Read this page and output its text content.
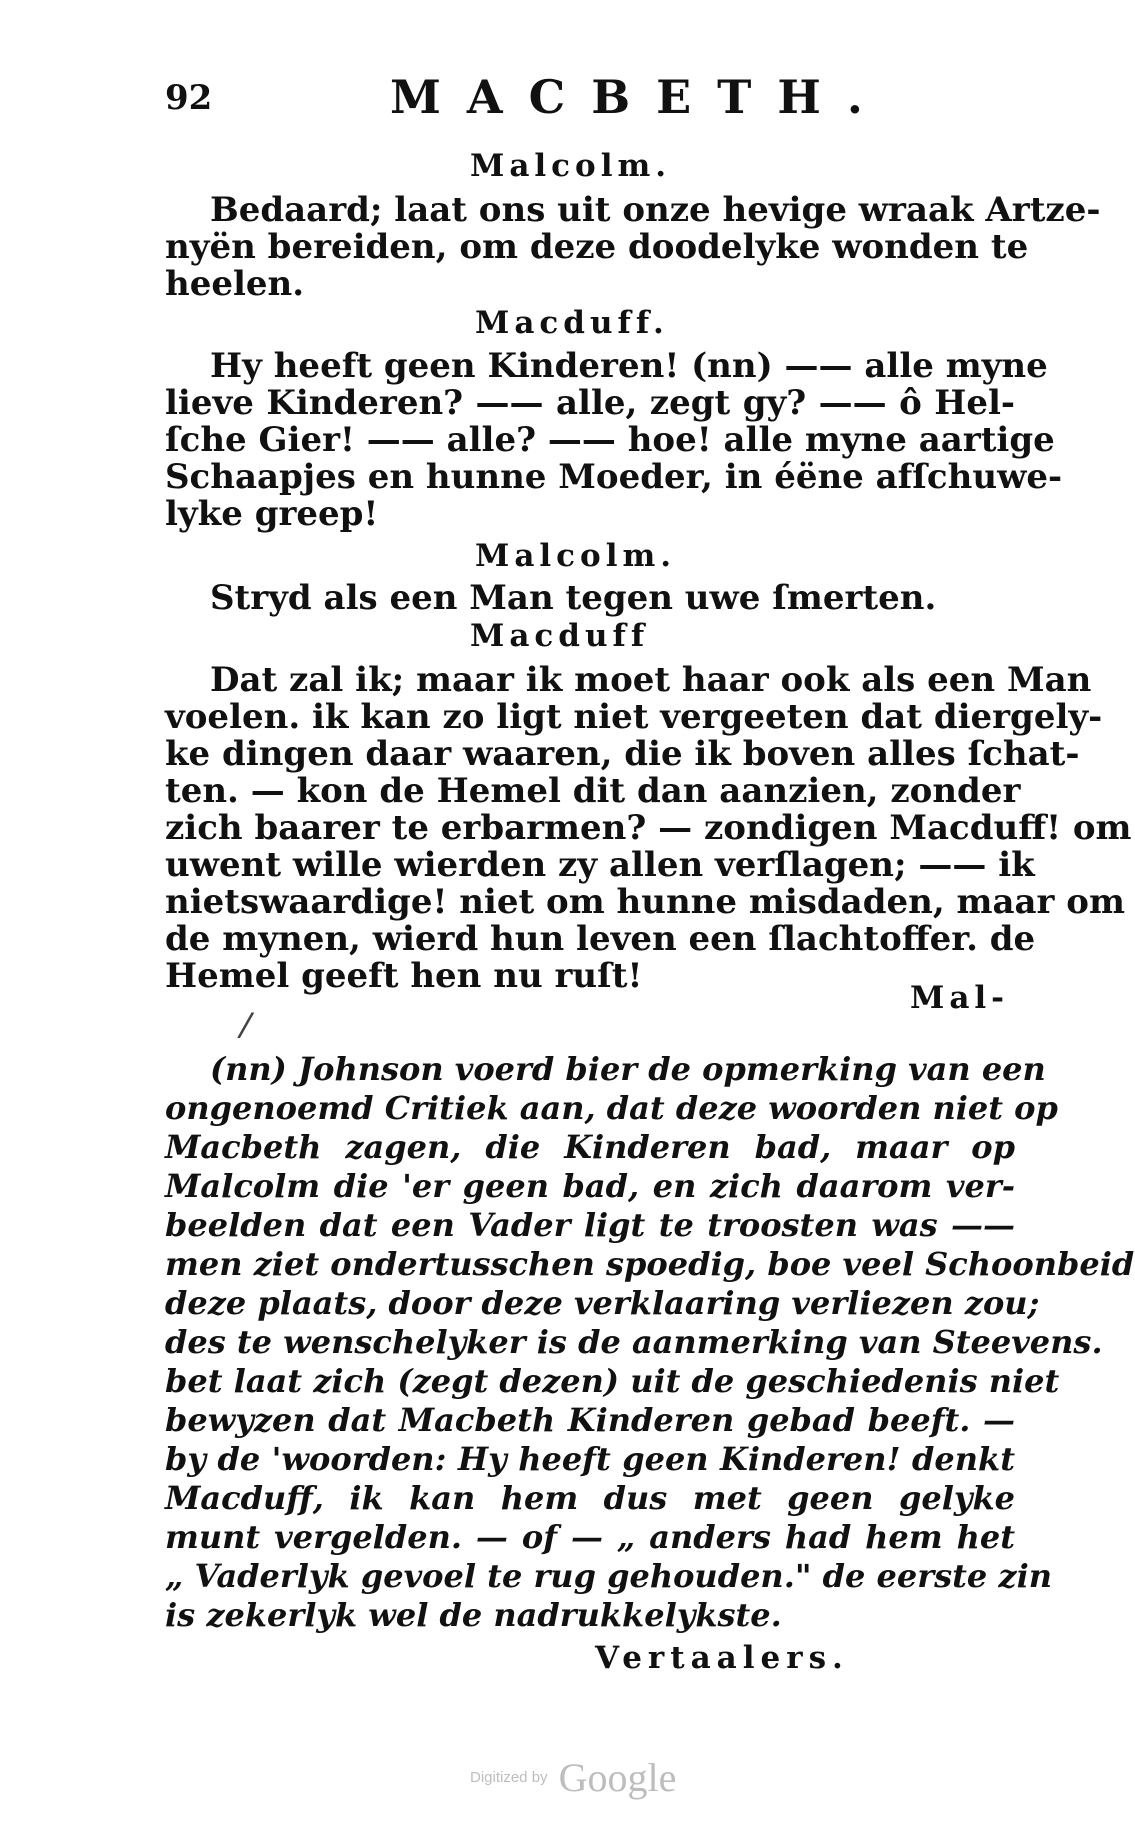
92	MACBETH.
Malcolm.
Bedaard; laat ons uit onze hevige wraak Artze-
nyën bereiden, om deze doodelyke wonden te
heelen.
Macduff.
Hy heeft geen Kinderen! (nn) —— alle myne
lieve Kinderen? —— alle, zegt gy? —— ô Hel-
ſche Gier! —— alle? —— hoe! alle myne aartige
Schaapjes en hunne Moeder, in éëne afſchuwe-
lyke greep!
Malcolm.
Stryd als een Man tegen uwe ſmerten.
Macduff
Dat zal ik; maar ik moet haar ook als een Man
voelen. ik kan zo ligt niet vergeeten dat diergely-
ke dingen daar waaren, die ik boven alles ſchat-
ten. — kon de Hemel dit dan aanzien, zonder
zich baarer te erbarmen? — zondigen Macduff! om
uwent wille wierden zy allen verſlagen; —— ik
nietswaardige! niet om hunne misdaden, maar om
de mynen, wierd hun leven een ſlachtoffer. de
Hemel geeft hen nu ruſt!
Mal-
/
(nn) Johnson voerd bier de opmerking van een
ongenoemd Critiek aan, dat deze woorden niet op
Macbeth zagen, die Kinderen bad, maar op
Malcolm die 'er geen bad, en zich daarom ver-
beelden dat een Vader ligt te troosten was ——
men ziet ondertusschen spoedig, boe veel Schoonbeid
deze plaats, door deze verklaaring verliezen zou;
des te wenschelyker is de aanmerking van Steevens.
bet laat zich (zegt dezen) uit de geschiedenis niet
bewyzen dat Macbeth Kinderen gebad beeft. —
by de 'woorden: Hy heeft geen Kinderen! denkt
Macduff, ik kan hem dus met geen gelyke
munt vergelden. — of — „ anders had hem het
„ Vaderlyk gevoel te rug gehouden." de eerste zin
is zekerlyk wel de nadrukkelykste.
Vertaalers.
Digitized by Google
